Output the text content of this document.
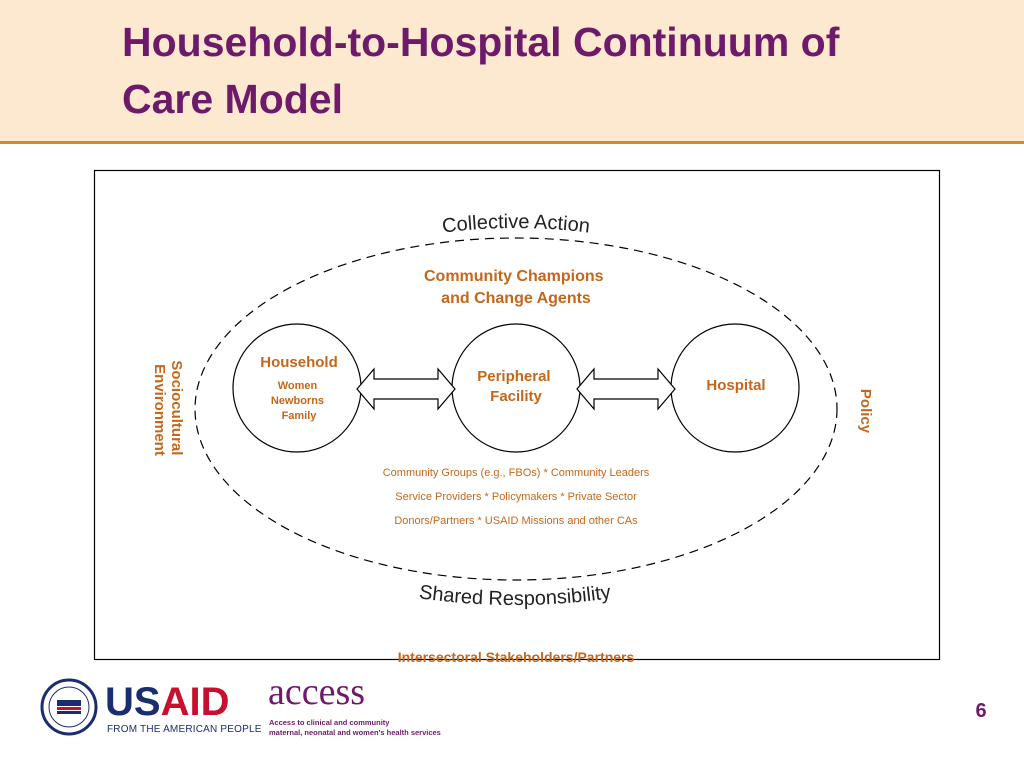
Household-to-Hospital Continuum of
Care Model
Collective Action
Shared Responsibility
Community Champions and Change Agents
Sociocultural Environment	Policy
Household
Women Newborns Family
Peripheral Facility
Hospital
Community Groups (e.g., FBOs) * Community Leaders
Service Providers * Policymakers * Private Sector
Donors/Partners * USAID Missions and other CAs
Intersectoral Stakeholders/Partners
USAID
FROM THE AMERICAN PEOPLE
access
Access to clinical and community
maternal, neonatal and women's health services
6
